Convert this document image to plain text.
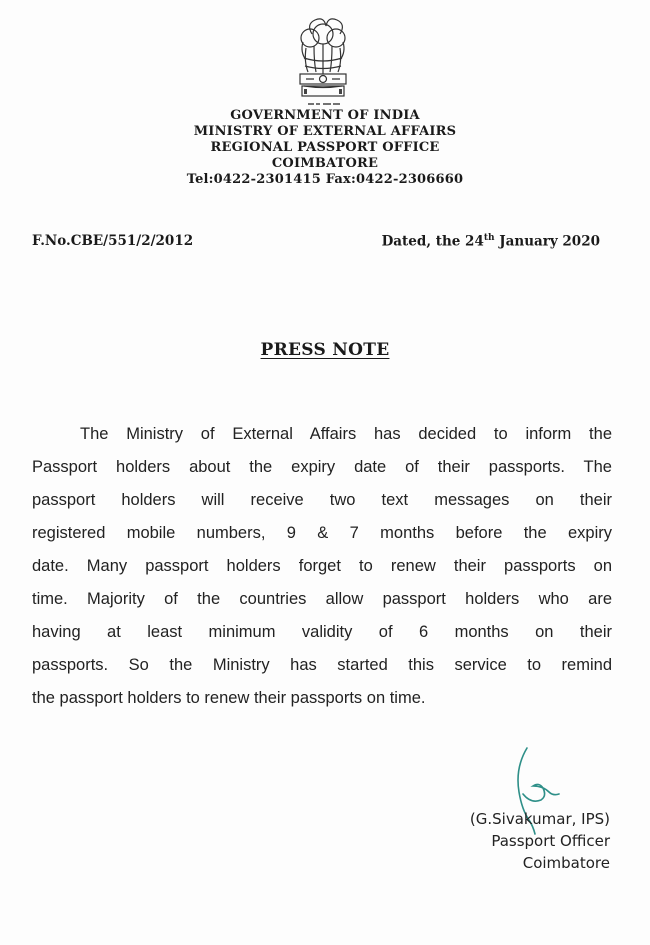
GOVERNMENT OF INDIA
MINISTRY OF EXTERNAL AFFAIRS
REGIONAL PASSPORT OFFICE
COIMBATORE
Tel:0422-2301415 Fax:0422-2306660
F.No.CBE/551/2/2012	Dated, the 24th January 2020
PRESS NOTE
The Ministry of External Affairs has decided to inform the
Passport holders about the expiry date of their passports. The
passport holders will receive two text messages on their
registered mobile numbers, 9 & 7 months before the expiry
date. Many passport holders forget to renew their passports on
time. Majority of the countries allow passport holders who are
having at least minimum validity of 6 months on their
passports. So the Ministry has started this service to remind
the passport holders to renew their passports on time.
(G.Sivakumar, IPS)
Passport Officer
Coimbatore
